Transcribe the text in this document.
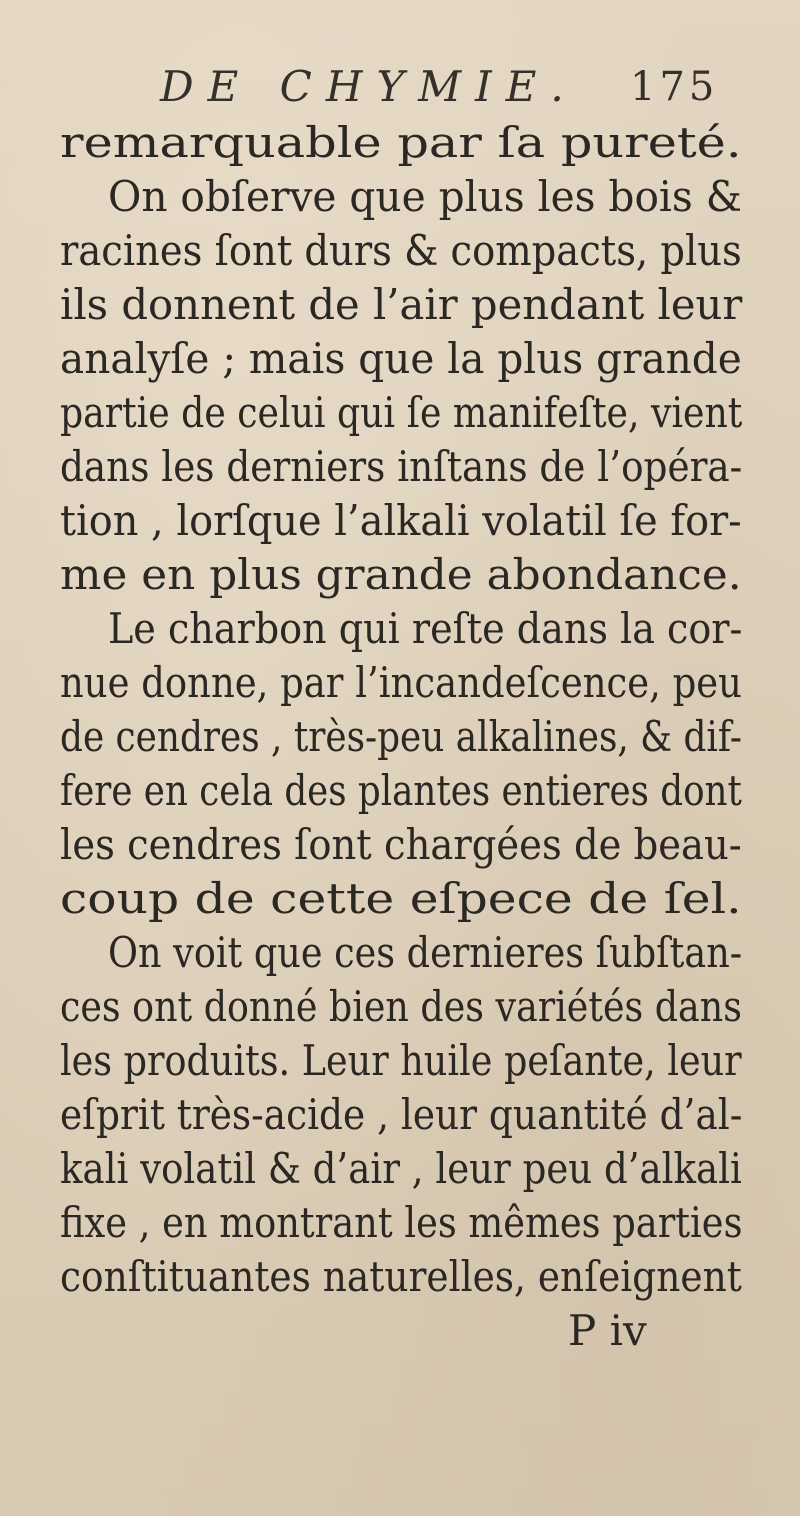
DE CHYMIE. 175
remarquable par ſa pureté.
On obſerve que plus les bois &
racines ſont durs & compacts, plus
ils donnent de l’air pendant leur
analyſe ; mais que la plus grande
partie de celui qui ſe manifeſte, vient
dans les derniers inſtans de l’opéra-
tion , lorſque l’alkali volatil ſe for-
me en plus grande abondance.
Le charbon qui reſte dans la cor-
nue donne, par l’incandeſcence, peu
de cendres , très-peu alkalines, & dif-
fere en cela des plantes entieres dont
les cendres ſont chargées de beau-
coup de cette eſpece de ſel.
On voit que ces dernieres ſubſtan-
ces ont donné bien des variétés dans
les produits. Leur huile peſante, leur
eſprit très-acide , leur quantité d’al-
kali volatil & d’air , leur peu d’alkali
fixe , en montrant les mêmes parties
conſtituantes naturelles, enſeignent
P iv
